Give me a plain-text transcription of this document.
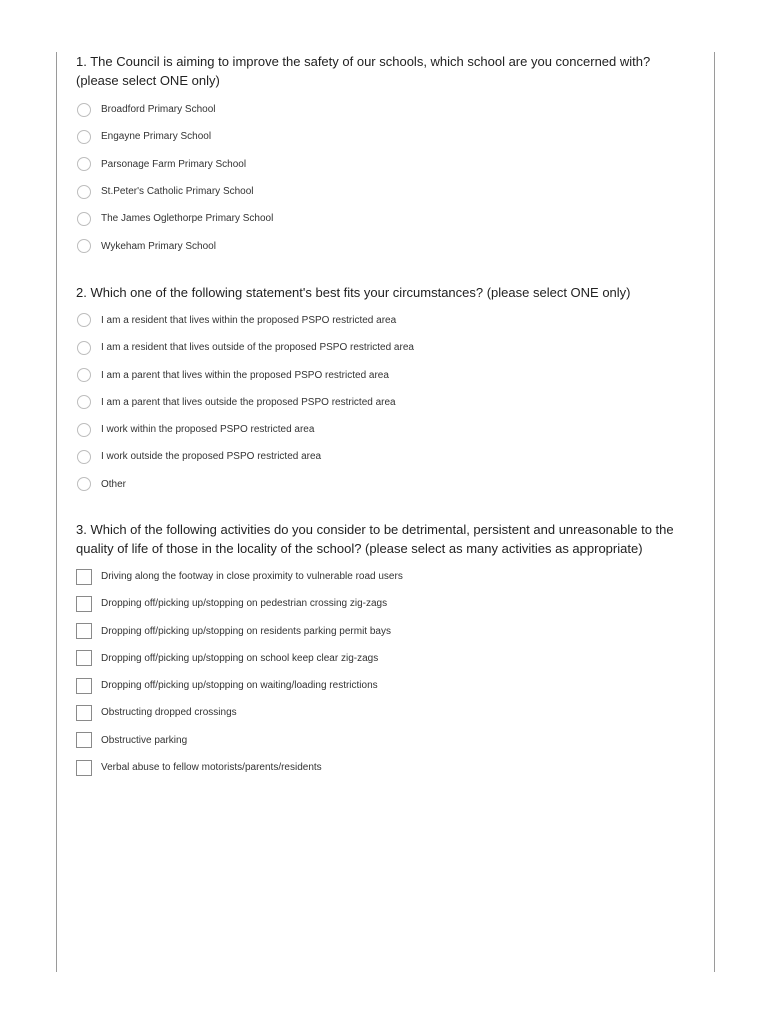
1. The Council is aiming to improve the safety of our schools, which school are you concerned with? (please select ONE only)

Broadford Primary School
Engayne Primary School
Parsonage Farm Primary School
St.Peter's Catholic Primary School
The James Oglethorpe Primary School
Wykeham Primary School

2. Which one of the following statement's best fits your circumstances? (please select ONE only)

I am a resident that lives within the proposed PSPO restricted area
I am a resident that lives outside of the proposed PSPO restricted area
I am a parent that lives within the proposed PSPO restricted area
I am a parent that lives outside the proposed PSPO restricted area
I work within the proposed PSPO restricted area
I work outside the proposed PSPO restricted area
Other

3. Which of the following activities do you consider to be detrimental, persistent and unreasonable to the quality of life of those in the locality of the school? (please select as many activities as appropriate)

Driving along the footway in close proximity to vulnerable road users
Dropping off/picking up/stopping on pedestrian crossing zig-zags
Dropping off/picking up/stopping on residents parking permit bays
Dropping off/picking up/stopping on school keep clear zig-zags
Dropping off/picking up/stopping on waiting/loading restrictions
Obstructing dropped crossings
Obstructive parking
Verbal abuse to fellow motorists/parents/residents
